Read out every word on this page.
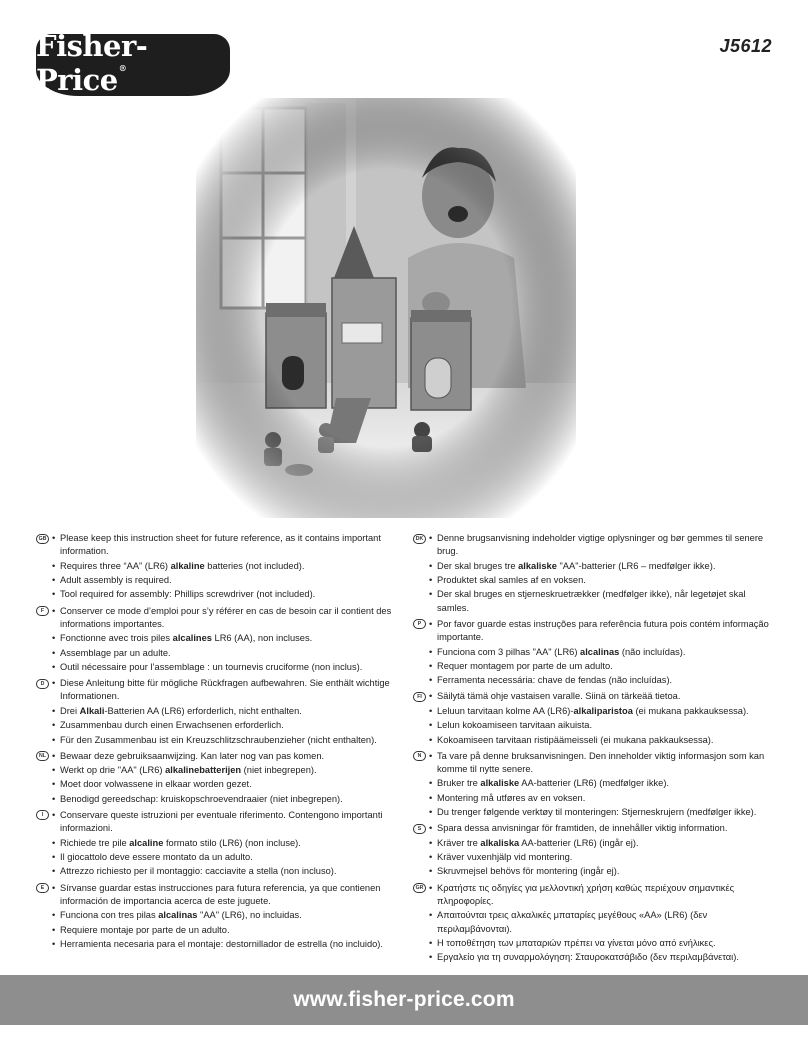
Fisher-Price®
J5612
GB	• Please keep this instruction sheet for future reference, as it contains important information.
• Requires three “AA” (LR6) alkaline batteries (not included).
• Adult assembly is required.
• Tool required for assembly: Phillips screwdriver (not included).
F	• Conserver ce mode d’emploi pour s’y référer en cas de besoin car il contient des informations importantes.
• Fonctionne avec trois piles alcalines LR6 (AA), non incluses.
• Assemblage par un adulte.
• Outil nécessaire pour l’assemblage : un tournevis cruciforme (non inclus).
D	• Diese Anleitung bitte für mögliche Rückfragen aufbewahren. Sie enthält wichtige Informationen.
• Drei Alkali-Batterien AA (LR6) erforderlich, nicht enthalten.
• Zusammenbau durch einen Erwachsenen erforderlich.
• Für den Zusammenbau ist ein Kreuzschlitzschraubenzieher (nicht enthalten).
NL	• Bewaar deze gebruiksaanwijzing. Kan later nog van pas komen.
• Werkt op drie "AA" (LR6) alkalinebatterijen (niet inbegrepen).
• Moet door volwassene in elkaar worden gezet.
• Benodigd gereedschap: kruiskopschroevendraaier (niet inbegrepen).
I	• Conservare queste istruzioni per eventuale riferimento. Contengono importanti informazioni.
• Richiede tre pile alcaline formato stilo (LR6) (non incluse).
• Il giocattolo deve essere montato da un adulto.
• Attrezzo richiesto per il montaggio: cacciavite a stella (non incluso).
E	• Sírvanse guardar estas instrucciones para futura referencia, ya que contienen información de importancia acerca de este juguete.
• Funciona con tres pilas alcalinas "AA" (LR6), no incluidas.
• Requiere montaje por parte de un adulto.
• Herramienta necesaria para el montaje: destornillador de estrella (no incluido).
DK	• Denne brugsanvisning indeholder vigtige oplysninger og bør gemmes til senere brug.
• Der skal bruges tre alkaliske "AA"-batterier (LR6 – medfølger ikke).
• Produktet skal samles af en voksen.
• Der skal bruges en stjerneskruetrækker (medfølger ikke), når legetøjet skal samles.
P	• Por favor guarde estas instruções para referência futura pois contém informação importante.
• Funciona com 3 pilhas "AA" (LR6) alcalinas (não incluídas).
• Requer montagem por parte de um adulto.
• Ferramenta necessária: chave de fendas (não incluídas).
FI	• Säilytä tämä ohje vastaisen varalle. Siinä on tärkeää tietoa.
• Leluun tarvitaan kolme AA (LR6)-alkaliparistoa (ei mukana pakkauksessa).
• Lelun kokoamiseen tarvitaan aikuista.
• Kokoamiseen tarvitaan ristipäämeisseli (ei mukana pakkauksessa).
N	• Ta vare på denne bruksanvisningen. Den inneholder viktig informasjon som kan komme til nytte senere.
• Bruker tre alkaliske AA-batterier (LR6) (medfølger ikke).
• Montering må utføres av en voksen.
• Du trenger følgende verktøy til monteringen: Stjerneskrujern (medfølger ikke).
S	• Spara dessa anvisningar för framtiden, de innehåller viktig information.
• Kräver tre alkaliska AA-batterier (LR6) (ingår ej).
• Kräver vuxenhjälp vid montering.
• Skruvmejsel behövs för montering (ingår ej).
GR	• Κρατήστε τις οδηγίες για μελλοντική χρήση καθώς περιέχουν σημαντικές πληροφορίες.
• Απαιτούνται τρεις αλκαλικές μπαταρίες μεγέθους «AA» (LR6) (δεν περιλαμβάνονται).
• Η τοποθέτηση των μπαταριών πρέπει να γίνεται μόνο από ενήλικες.
• Εργαλείο για τη συναρμολόγηση: Σταυροκατσάβιδο (δεν περιλαμβάνεται).
www.fisher-price.com
